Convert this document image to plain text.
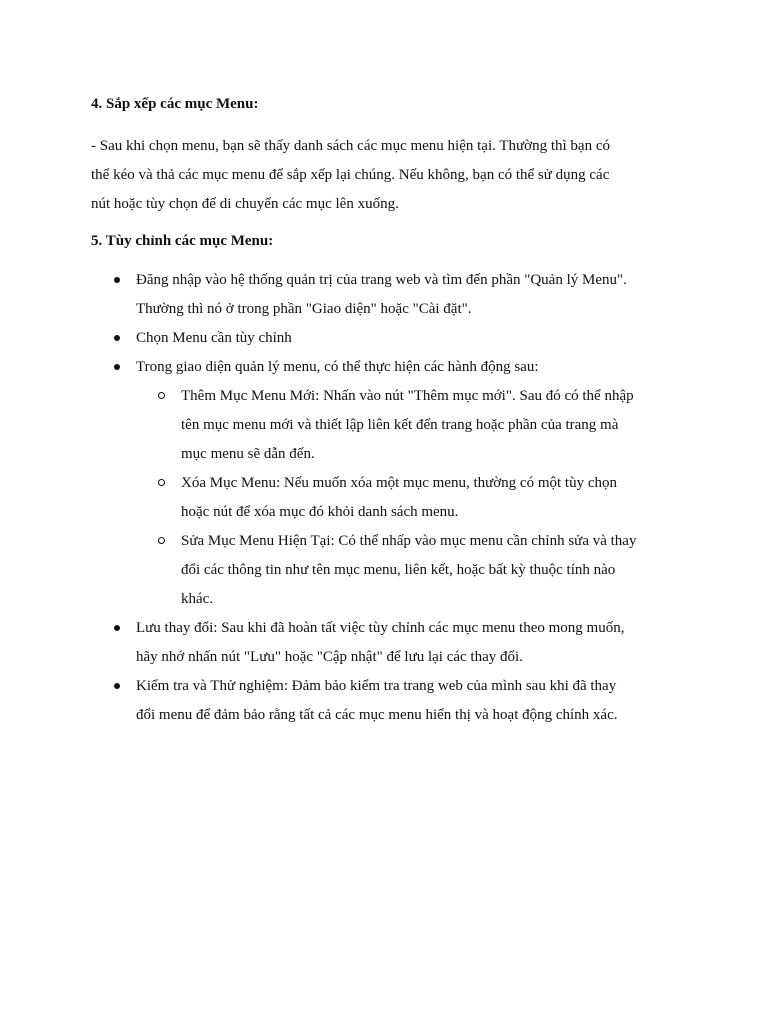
4. Sắp xếp các mục Menu:

- Sau khi chọn menu, bạn sẽ thấy danh sách các mục menu hiện tại. Thường thì bạn có
thể kéo và thả các mục menu để sắp xếp lại chúng. Nếu không, bạn có thể sử dụng các
nút hoặc tùy chọn để di chuyển các mục lên xuống.

5. Tùy chỉnh các mục Menu:
Đăng nhập vào hệ thống quản trị của trang web và tìm đến phần "Quản lý Menu".
Thường thì nó ở trong phần "Giao diện" hoặc "Cài đặt".
Chọn Menu cần tùy chỉnh
Trong giao diện quản lý menu, có thể thực hiện các hành động sau:
Thêm Mục Menu Mới: Nhấn vào nút "Thêm mục mới". Sau đó có thể nhập
tên mục menu mới và thiết lập liên kết đến trang hoặc phần của trang mà
mục menu sẽ dẫn đến.
Xóa Mục Menu: Nếu muốn xóa một mục menu, thường có một tùy chọn
hoặc nút để xóa mục đó khỏi danh sách menu.
Sửa Mục Menu Hiện Tại: Có thể nhấp vào mục menu cần chỉnh sửa và thay
đổi các thông tin như tên mục menu, liên kết, hoặc bất kỳ thuộc tính nào
khác.
Lưu thay đổi: Sau khi đã hoàn tất việc tùy chỉnh các mục menu theo mong muốn,
hãy nhớ nhấn nút "Lưu" hoặc "Cập nhật" để lưu lại các thay đổi.
Kiểm tra và Thử nghiệm: Đảm bảo kiểm tra trang web của mình sau khi đã thay
đổi menu để đảm bảo rằng tất cả các mục menu hiển thị và hoạt động chính xác.
